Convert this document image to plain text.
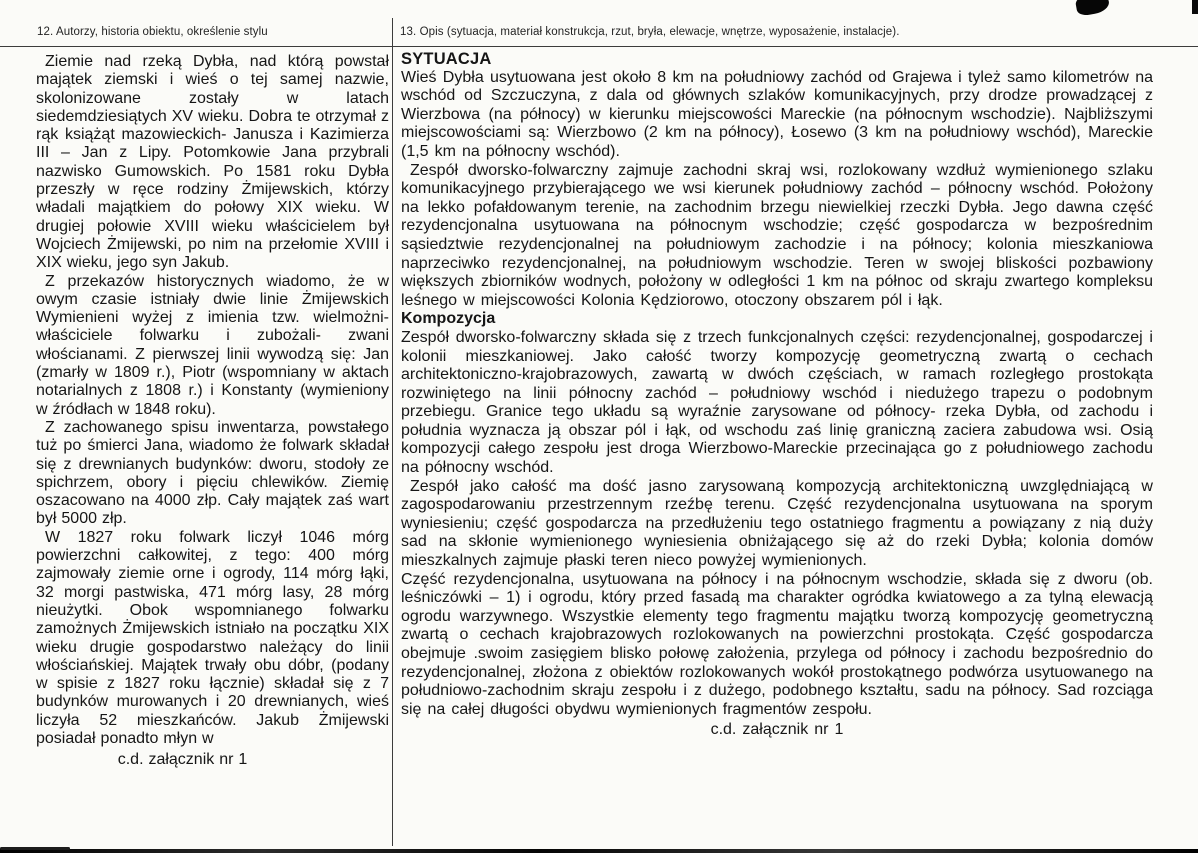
12. Autorzy, historia obiektu, określenie stylu	13. Opis (sytuacja, materiał konstrukcja, rzut, bryła, elewacje, wnętrze, wyposażenie, instalacje).

Ziemie nad rzeką Dybła, nad którą powstał majątek ziemski i wieś o tej samej nazwie, skolonizowane zostały w latach siedemdziesiątych XV wieku. Dobra te otrzymał z rąk książąt mazowieckich- Janusza i Kazimierza III – Jan z Lipy. Potomkowie Jana przybrali nazwisko Gumowskich. Po 1581 roku Dybła przeszły w ręce rodziny Żmijewskich, którzy władali majątkiem do połowy XIX wieku. W drugiej połowie XVIII wieku właścicielem był Wojciech Żmijewski, po nim na przełomie XVIII i XIX wieku, jego syn Jakub.

Z przekazów historycznych wiadomo, że w owym czasie istniały dwie linie Żmijewskich Wymienieni wyżej z imienia tzw. wielmożni- właściciele folwarku i zubożali- zwani włościanami. Z pierwszej linii wywodzą się: Jan (zmarły w 1809 r.), Piotr (wspomniany w aktach notarialnych z 1808 r.) i Konstanty (wymieniony w źródłach w 1848 roku).

Z zachowanego spisu inwentarza, powstałego tuż po śmierci Jana, wiadomo że folwark składał się z drewnianych budynków: dworu, stodoły ze spichrzem, obory i pięciu chlewików. Ziemię oszacowano na 4000 złp. Cały majątek zaś wart był 5000 złp.

W 1827 roku folwark liczył 1046 mórg powierzchni całkowitej, z tego: 400 mórg zajmowały ziemie orne i ogrody, 114 mórg łąki, 32 morgi pastwiska, 471 mórg lasy, 28 mórg nieużytki. Obok wspomnianego folwarku zamożnych Żmijewskich istniało na początku XIX wieku drugie gospodarstwo należący do linii włościańskiej. Majątek trwały obu dóbr, (podany w spisie z 1827 roku łącznie) składał się z 7 budynków murowanych i 20 drewnianych, wieś liczyła 52 mieszkańców. Jakub Żmijewski posiadał ponadto młyn w

c.d. załącznik nr 1

SYTUACJA

Wieś Dybła usytuowana jest około 8 km na południowy zachód od Grajewa i tyleż samo kilometrów na wschód od Szczuczyna, z dala od głównych szlaków komunikacyjnych, przy drodze prowadzącej z Wierzbowa (na północy) w kierunku miejscowości Mareckie (na północnym wschodzie). Najbliższymi miejscowościami są: Wierzbowo (2 km na północy), Łosewo (3 km na południowy wschód), Mareckie (1,5 km na północny wschód).

Zespół dworsko-folwarczny zajmuje zachodni skraj wsi, rozlokowany wzdłuż wymienionego szlaku komunikacyjnego przybierającego we wsi kierunek południowy zachód – północny wschód. Położony na lekko pofałdowanym terenie, na zachodnim brzegu niewielkiej rzeczki Dybła. Jego dawna część rezydencjonalna usytuowana na północnym wschodzie; część gospodarcza w bezpośrednim sąsiedztwie rezydencjonalnej na południowym zachodzie i na północy; kolonia mieszkaniowa naprzeciwko rezydencjonalnej, na południowym wschodzie. Teren w swojej bliskości pozbawiony większych zbiorników wodnych, położony w odległości 1 km na północ od skraju zwartego kompleksu leśnego w miejscowości Kolonia Kędziorowo, otoczony obszarem pól i łąk.

Kompozycja

Zespół dworsko-folwarczny składa się z trzech funkcjonalnych części: rezydencjonalnej, gospodarczej i kolonii mieszkaniowej. Jako całość tworzy kompozycję geometryczną zwartą o cechach architektoniczno-krajobrazowych, zawartą w dwóch częściach, w ramach rozległego prostokąta rozwiniętego na linii północny zachód – południowy wschód i niedużego trapezu o podobnym przebiegu. Granice tego układu są wyraźnie zarysowane od północy- rzeka Dybła, od zachodu i południa wyznacza ją obszar pól i łąk, od wschodu zaś linię graniczną zaciera zabudowa wsi. Osią kompozycji całego zespołu jest droga Wierzbowo-Mareckie przecinająca go z południowego zachodu na północny wschód.

Zespół jako całość ma dość jasno zarysowaną kompozycją architektoniczną uwzględniającą w zagospodarowaniu przestrzennym rzeźbę terenu. Część rezydencjonalna usytuowana na sporym wyniesieniu; część gospodarcza na przedłużeniu tego ostatniego fragmentu a powiązany z nią duży sad na skłonie wymienionego wyniesienia obniżającego się aż do rzeki Dybła; kolonia domów mieszkalnych zajmuje płaski teren nieco powyżej wymienionych.

Część rezydencjonalna, usytuowana na północy i na północnym wschodzie, składa się z dworu (ob. leśniczówki – 1) i ogrodu, który przed fasadą ma charakter ogródka kwiatowego a za tylną elewacją ogrodu warzywnego. Wszystkie elementy tego fragmentu majątku tworzą kompozycję geometryczną zwartą o cechach krajobrazowych rozlokowanych na powierzchni prostokąta. Część gospodarcza obejmuje .swoim zasięgiem blisko połowę założenia, przylega od północy i zachodu bezpośrednio do rezydencjonalnej, złożona z obiektów rozlokowanych wokół prostokątnego podwórza usytuowanego na południowo-zachodnim skraju zespołu i z dużego, podobnego kształtu, sadu na północy. Sad rozciąga się na całej długości obydwu wymienionych fragmentów zespołu.

c.d. załącznik nr 1
